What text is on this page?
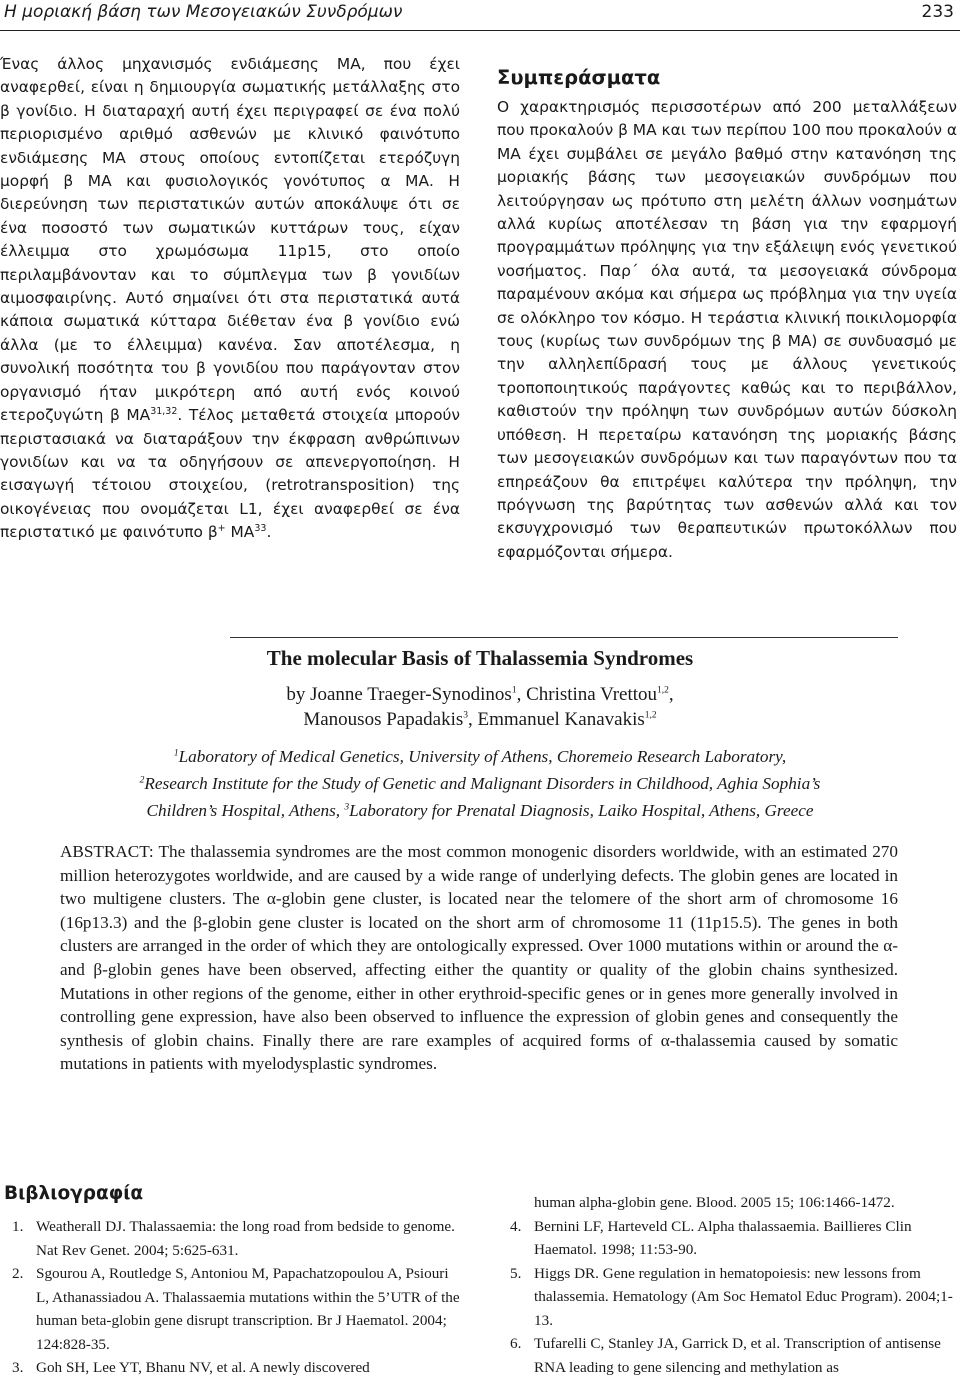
Η μοριακή βάση των Μεσογειακών Συνδρόμων	233

Ένας άλλος μηχανισμός ενδιάμεσης ΜΑ, που έχει αναφερθεί, είναι η δημιουργία σωματικής μετάλλαξης στο β γονίδιο. Η διαταραχή αυτή έχει περιγραφεί σε ένα πολύ περιορισμένο αριθμό ασθενών με κλινικό φαινότυπο ενδιάμεσης ΜΑ στους οποίους εντοπίζεται ετερόζυγη μορφή β ΜΑ και φυσιολογικός γονότυπος α ΜΑ. Η διερεύνηση των περιστατικών αυτών αποκάλυψε ότι σε ένα ποσοστό των σωματικών κυττάρων τους, είχαν έλλειμμα στο χρωμόσωμα 11p15, στο οποίο περιλαμβάνονταν και το σύμπλεγμα των β γονιδίων αιμοσφαιρίνης. Αυτό σημαίνει ότι στα περιστατικά αυτά κάποια σωματικά κύτταρα διέθεταν ένα β γονίδιο ενώ άλλα (με το έλλειμμα) κανένα. Σαν αποτέλεσμα, η συνολική ποσότητα του β γονιδίου που παράγονταν στον οργανισμό ήταν μικρότερη από αυτή ενός κοινού ετεροζυγώτη β ΜΑ$^{31,32}$. Τέλος μεταθετά στοιχεία μπορούν περιστασιακά να διαταράξουν την έκφραση ανθρώπινων γονιδίων και να τα οδηγήσουν σε απενεργοποίηση. Η εισαγωγή τέτοιου στοιχείου, (retrotransposition) της οικογένειας που ονομάζεται L1, έχει αναφερθεί σε ένα περιστατικό με φαινότυπο β+ ΜΑ$^{33}$.

Συμπεράσματα

Ο χαρακτηρισμός περισσοτέρων από 200 μεταλλάξεων που προκαλούν β ΜΑ και των περίπου 100 που προκαλούν α ΜΑ έχει συμβάλει σε μεγάλο βαθμό στην κατανόηση της μοριακής βάσης των μεσογειακών συνδρόμων που λειτούργησαν ως πρότυπο στη μελέτη άλλων νοσημάτων αλλά κυρίως αποτέλεσαν τη βάση για την εφαρμογή προγραμμάτων πρόληψης για την εξάλειψη ενός γενετικού νοσήματος. Παρ΄ όλα αυτά, τα μεσογειακά σύνδρομα παραμένουν ακόμα και σήμερα ως πρόβλημα για την υγεία σε ολόκληρο τον κόσμο. Η τεράστια κλινική ποικιλομορφία τους (κυρίως των συνδρόμων της β ΜΑ) σε συνδυασμό με την αλληλεπίδρασή τους με άλλους γενετικούς τροποποιητικούς παράγοντες καθώς και το περιβάλλον, καθιστούν την πρόληψη των συνδρόμων αυτών δύσκολη υπόθεση. Η περεταίρω κατανόηση της μοριακής βάσης των μεσογειακών συνδρόμων και των παραγόντων που τα επηρεάζουν θα επιτρέψει καλύτερα την πρόληψη, την πρόγνωση της βαρύτητας των ασθενών αλλά και τον εκσυγχρονισμό των θεραπευτικών πρωτοκόλλων που εφαρμόζονται σήμερα.

The molecular Basis of Thalassemia Syndromes
by Joanne Traeger-Synodinos$^1$, Christina Vrettou$^{1,2}$,
Manousos Papadakis$^3$, Emmanuel Kanavakis$^{1,2}$
$^1$Laboratory of Medical Genetics, University of Athens, Choremeio Research Laboratory,
$^2$Research Institute for the Study of Genetic and Malignant Disorders in Childhood, Aghia Sophia’s
Children’s Hospital, Athens, $^3$Laboratory for Prenatal Diagnosis, Laiko Hospital, Athens, Greece

ABSTRACT: The thalassemia syndromes are the most common monogenic disorders worldwide, with an estimated 270 million heterozygotes worldwide, and are caused by a wide range of underlying defects. The globin genes are located in two multigene clusters. The α-globin gene cluster, is located near the telomere of the short arm of chromosome 16 (16p13.3) and the β-globin gene cluster is located on the short arm of chromosome 11 (11p15.5). The genes in both clusters are arranged in the order of which they are ontologically expressed. Over 1000 mutations within or around the α- and β-globin genes have been observed, affecting either the quantity or quality of the globin chains synthesized. Mutations in other regions of the genome, either in other erythroid-specific genes or in genes more generally involved in controlling gene expression, have also been observed to influence the expression of globin genes and consequently the synthesis of globin chains. Finally there are rare examples of acquired forms of α-thalassemia caused by somatic mutations in patients with myelodysplastic syndromes.

Βιβλιογραφία
1. Weatherall DJ. Thalassaemia: the long road from bedside to genome. Nat Rev Genet. 2004; 5:625-631.
2. Sgourou A, Routledge S, Antoniou M, Papachatzopoulou A, Psiouri L, Athanassiadou A. Thalassaemia mutations within the 5’UTR of the human beta-globin gene disrupt transcription. Br J Haematol. 2004; 124:828-35.
3. Goh SH, Lee YT, Bhanu NV, et al. A newly discovered
human alpha-globin gene. Blood. 2005 15; 106:1466-1472.
4. Bernini LF, Harteveld CL. Alpha thalassaemia. Baillieres Clin Haematol. 1998; 11:53-90.
5. Higgs DR. Gene regulation in hematopoiesis: new lessons from thalassemia. Hematology (Am Soc Hematol Educ Program). 2004;1-13.
6. Tufarelli C, Stanley JA, Garrick D, et al. Transcription of antisense RNA leading to gene silencing and methylation as
